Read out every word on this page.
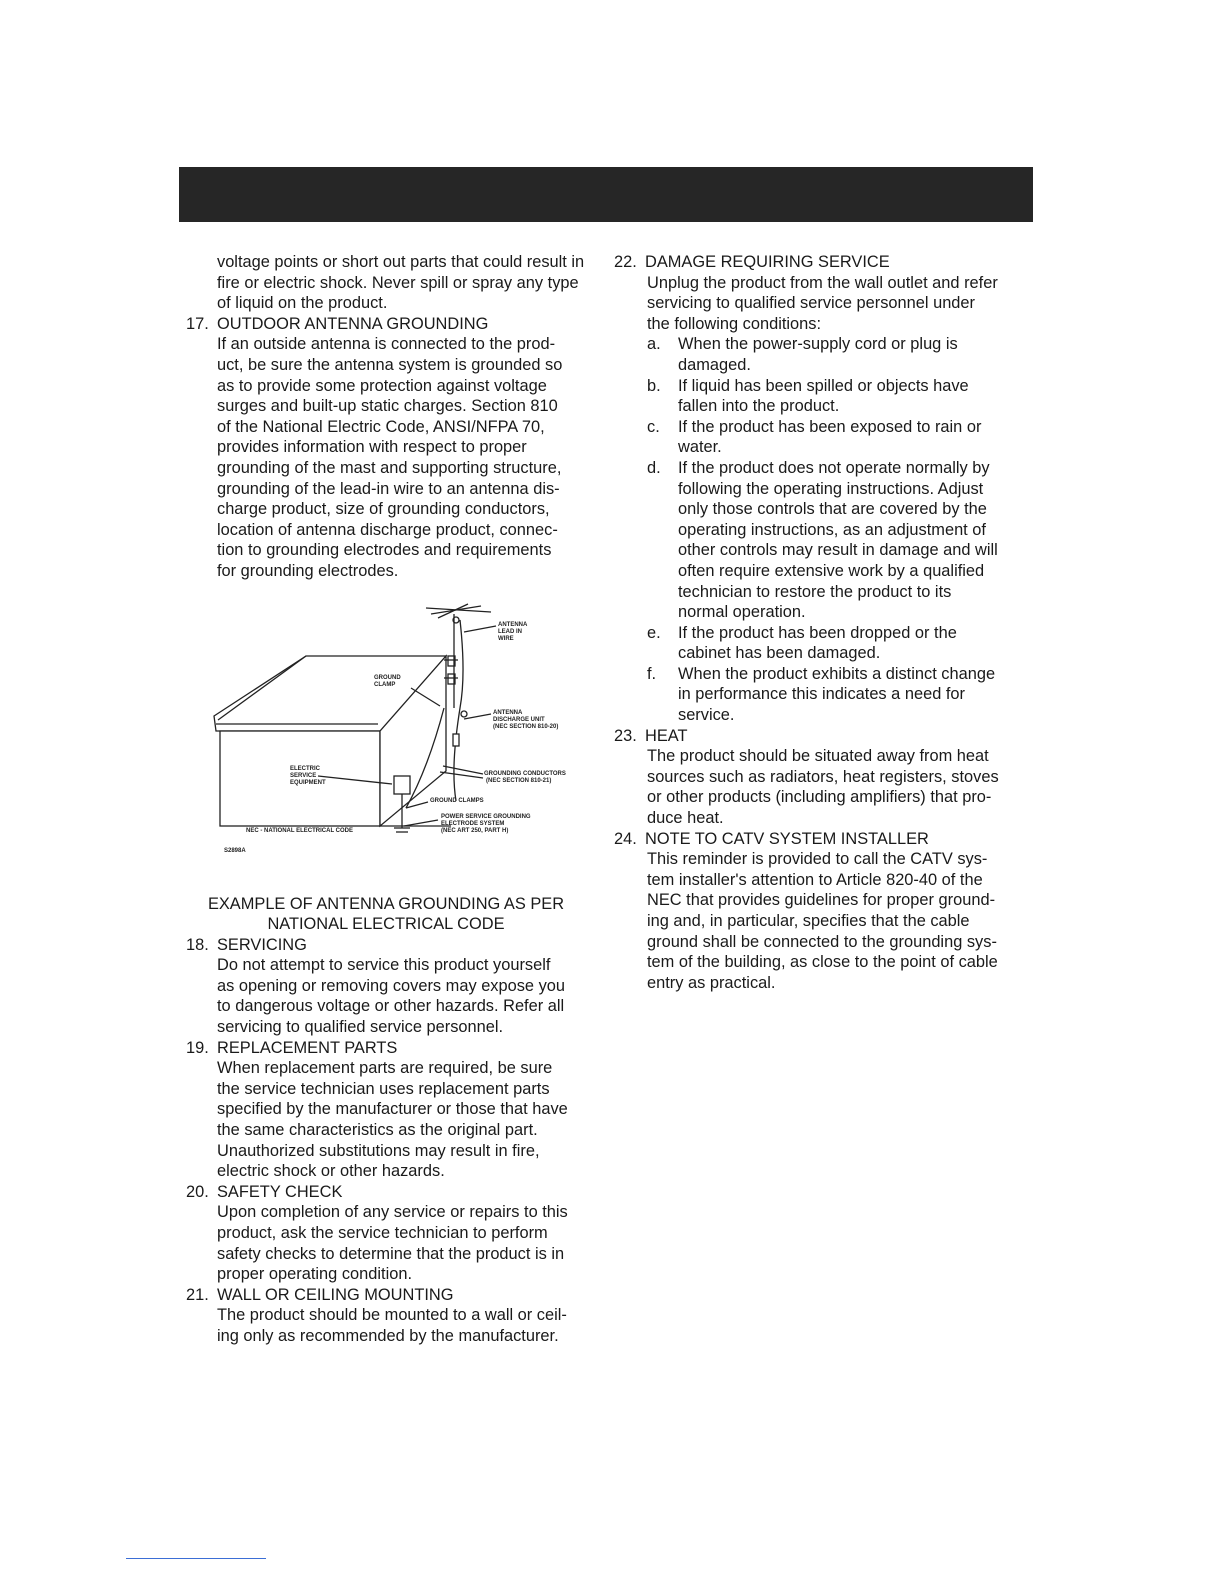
voltage points or short out parts that could result in
fire or electric shock. Never spill or spray any type
of liquid on the product.
17. OUTDOOR ANTENNA GROUNDING
If an outside antenna is connected to the prod-
uct, be sure the antenna system is grounded so
as to provide some protection against voltage
surges and built-up static charges. Section 810
of the National Electric Code, ANSI/NFPA 70,
provides information with respect to proper
grounding of the mast and supporting structure,
grounding of the lead-in wire to an antenna dis-
charge product, size of grounding conductors,
location of antenna discharge product, connec-
tion to grounding electrodes and requirements
for grounding electrodes.
ANTENNA
LEAD IN
WIRE
GROUND
CLAMP
ANTENNA
DISCHARGE UNIT
(NEC SECTION 810-20)
ELECTRIC
SERVICE
EQUIPMENT
GROUNDING CONDUCTORS
(NEC SECTION 810-21)
GROUND CLAMPS
POWER SERVICE GROUNDING
ELECTRODE SYSTEM
(NEC ART 250, PART H)
NEC - NATIONAL ELECTRICAL CODE
S2898A
EXAMPLE OF ANTENNA GROUNDING AS PER
NATIONAL ELECTRICAL CODE
18. SERVICING
Do not attempt to service this product yourself
as opening or removing covers may expose you
to dangerous voltage or other hazards. Refer all
servicing to qualified service personnel.
19. REPLACEMENT PARTS
When replacement parts are required, be sure
the service technician uses replacement parts
specified by the manufacturer or those that have
the same characteristics as the original part.
Unauthorized substitutions may result in fire,
electric shock or other hazards.
20. SAFETY CHECK
Upon completion of any service or repairs to this
product, ask the service technician to perform
safety checks to determine that the product is in
proper operating condition.
21. WALL OR CEILING MOUNTING
The product should be mounted to a wall or ceil-
ing only as recommended by the manufacturer.
22. DAMAGE REQUIRING SERVICE
Unplug the product from the wall outlet and refer
servicing to qualified service personnel under
the following conditions:
a.	When the power-supply cord or plug is
damaged.
b.	If liquid has been spilled or objects have
fallen into the product.
c.	If the product has been exposed to rain or
water.
d.	If the product does not operate normally by
following the operating instructions. Adjust
only those controls that are covered by the
operating instructions, as an adjustment of
other controls may result in damage and will
often require extensive work by a qualified
technician to restore the product to its
normal operation.
e.	If the product has been dropped or the
cabinet has been damaged.
f.	When the product exhibits a distinct change
in performance this indicates a need for
service.
23. HEAT
The product should be situated away from heat
sources such as radiators, heat registers, stoves
or other products (including amplifiers) that pro-
duce heat.
24. NOTE TO CATV SYSTEM INSTALLER
This reminder is provided to call the CATV sys-
tem installer's attention to Article 820-40 of the
NEC that provides guidelines for proper ground-
ing and, in particular, specifies that the cable
ground shall be connected to the grounding sys-
tem of the building, as close to the point of cable
entry as practical.
